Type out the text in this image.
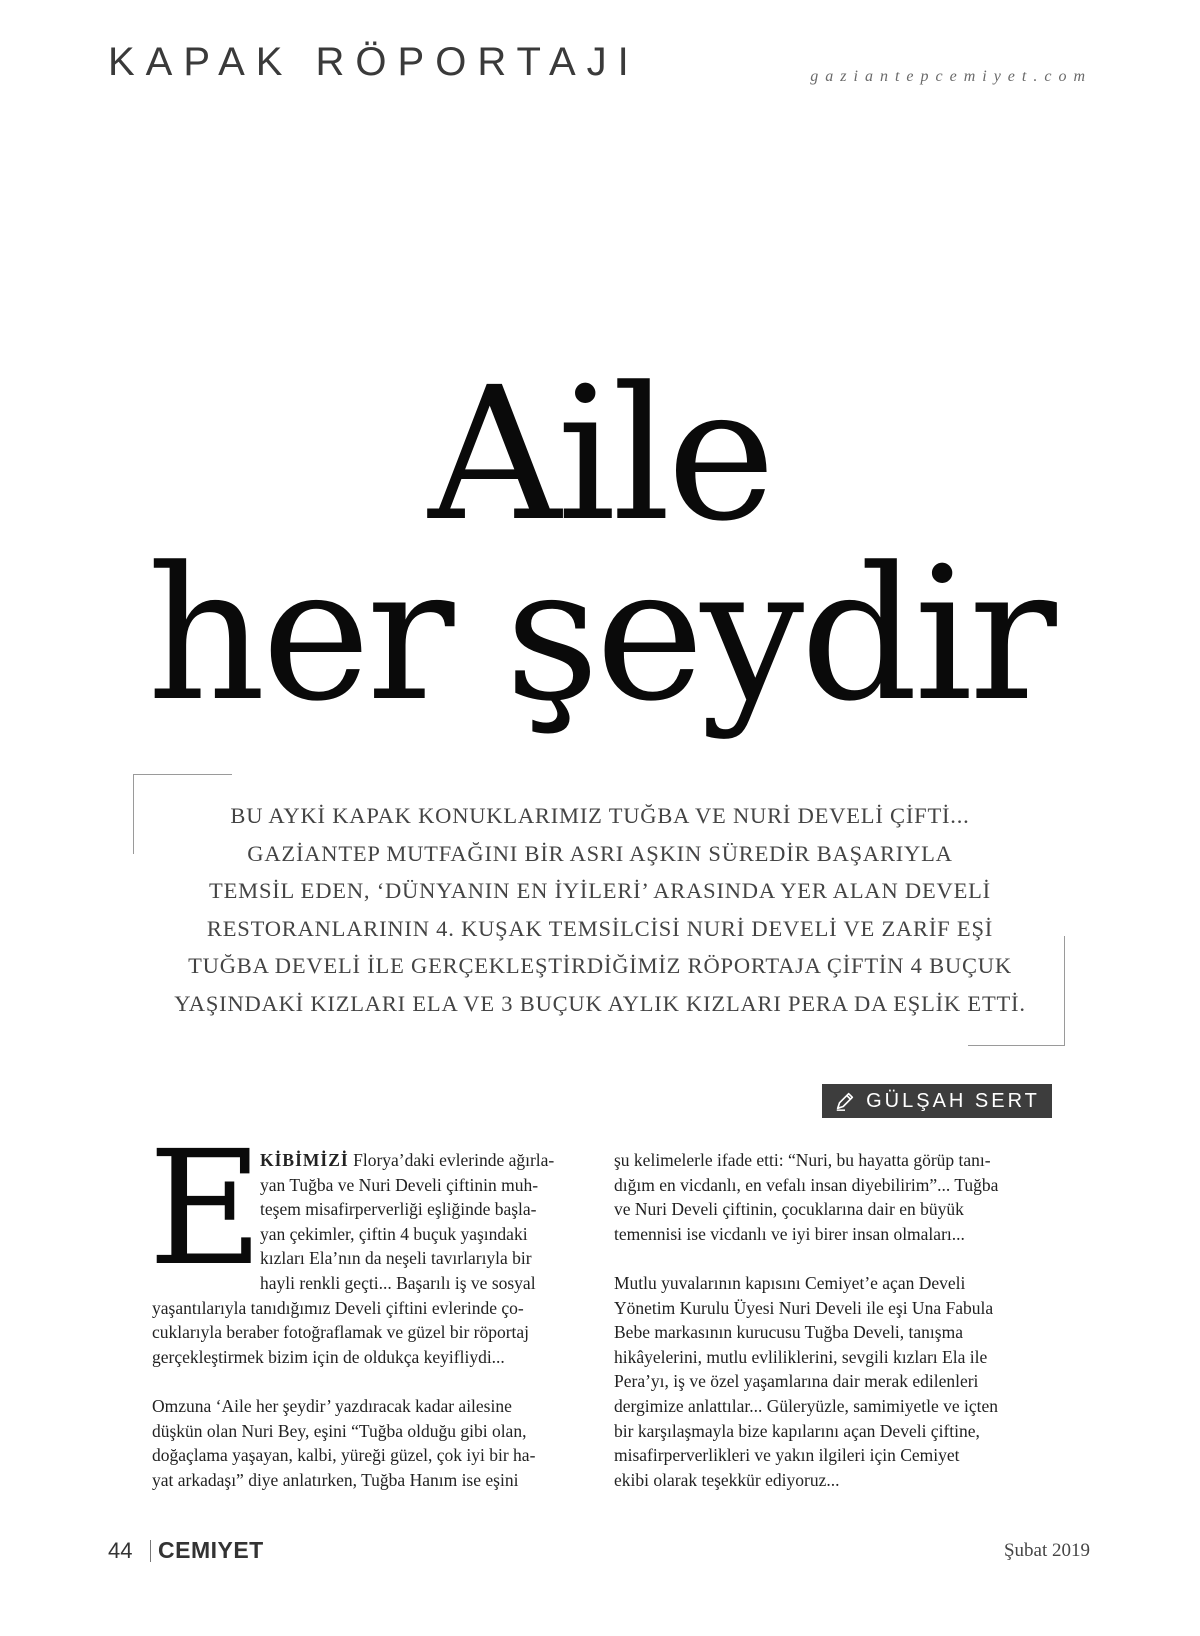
KAPAK RÖPORTAJI	gaziantepcemiyet.com
Aile
her şeydir
BU AYKİ KAPAK KONUKLARIMIZ TUĞBA VE NURİ DEVELİ ÇİFTİ...
GAZİANTEP MUTFAĞINI BİR ASRI AŞKIN SÜREDİR BAŞARIYLA
TEMSİL EDEN, ‘DÜNYANIN EN İYİLERİ’ ARASINDA YER ALAN DEVELİ
RESTORANLARININ 4. KUŞAK TEMSİLCİSİ NURİ DEVELİ VE ZARİF EŞİ
TUĞBA DEVELİ İLE GERÇEKLEŞTİRDİĞİMİZ RÖPORTAJA ÇİFTİN 4 BUÇUK
YAŞINDAKİ KIZLARI ELA VE 3 BUÇUK AYLIK KIZLARI PERA DA EŞLİK ETTİ.
GÜLŞAH SERT
E
KİBİMİZİ Florya’daki evlerinde ağırla-
yan Tuğba ve Nuri Develi çiftinin muh-
teşem misafirperverliği eşliğinde başla-
yan çekimler, çiftin 4 buçuk yaşındaki
kızları Ela’nın da neşeli tavırlarıyla bir
hayli renkli geçti... Başarılı iş ve sosyal
yaşantılarıyla tanıdığımız Develi çiftini evlerinde ço-
cuklarıyla beraber fotoğraflamak ve güzel bir röportaj
gerçekleştirmek bizim için de oldukça keyifliydi...
Omzuna ‘Aile her şeydir’ yazdıracak kadar ailesine
düşkün olan Nuri Bey, eşini “Tuğba olduğu gibi olan,
doğaçlama yaşayan, kalbi, yüreği güzel, çok iyi bir ha-
yat arkadaşı” diye anlatırken, Tuğba Hanım ise eşini
şu kelimelerle ifade etti: “Nuri, bu hayatta görüp tanı-
dığım en vicdanlı, en vefalı insan diyebilirim”... Tuğba
ve Nuri Develi çiftinin, çocuklarına dair en büyük
temennisi ise vicdanlı ve iyi birer insan olmaları...
Mutlu yuvalarının kapısını Cemiyet’e açan Develi
Yönetim Kurulu Üyesi Nuri Develi ile eşi Una Fabula
Bebe markasının kurucusu Tuğba Develi, tanışma
hikâyelerini, mutlu evliliklerini, sevgili kızları Ela ile
Pera’yı, iş ve özel yaşamlarına dair merak edilenleri
dergimize anlattılar... Güleryüzle, samimiyetle ve içten
bir karşılaşmayla bize kapılarını açan Develi çiftine,
misafirperverlikleri ve yakın ilgileri için Cemiyet
ekibi olarak teşekkür ediyoruz...
44 CEMIYET	Şubat 2019
